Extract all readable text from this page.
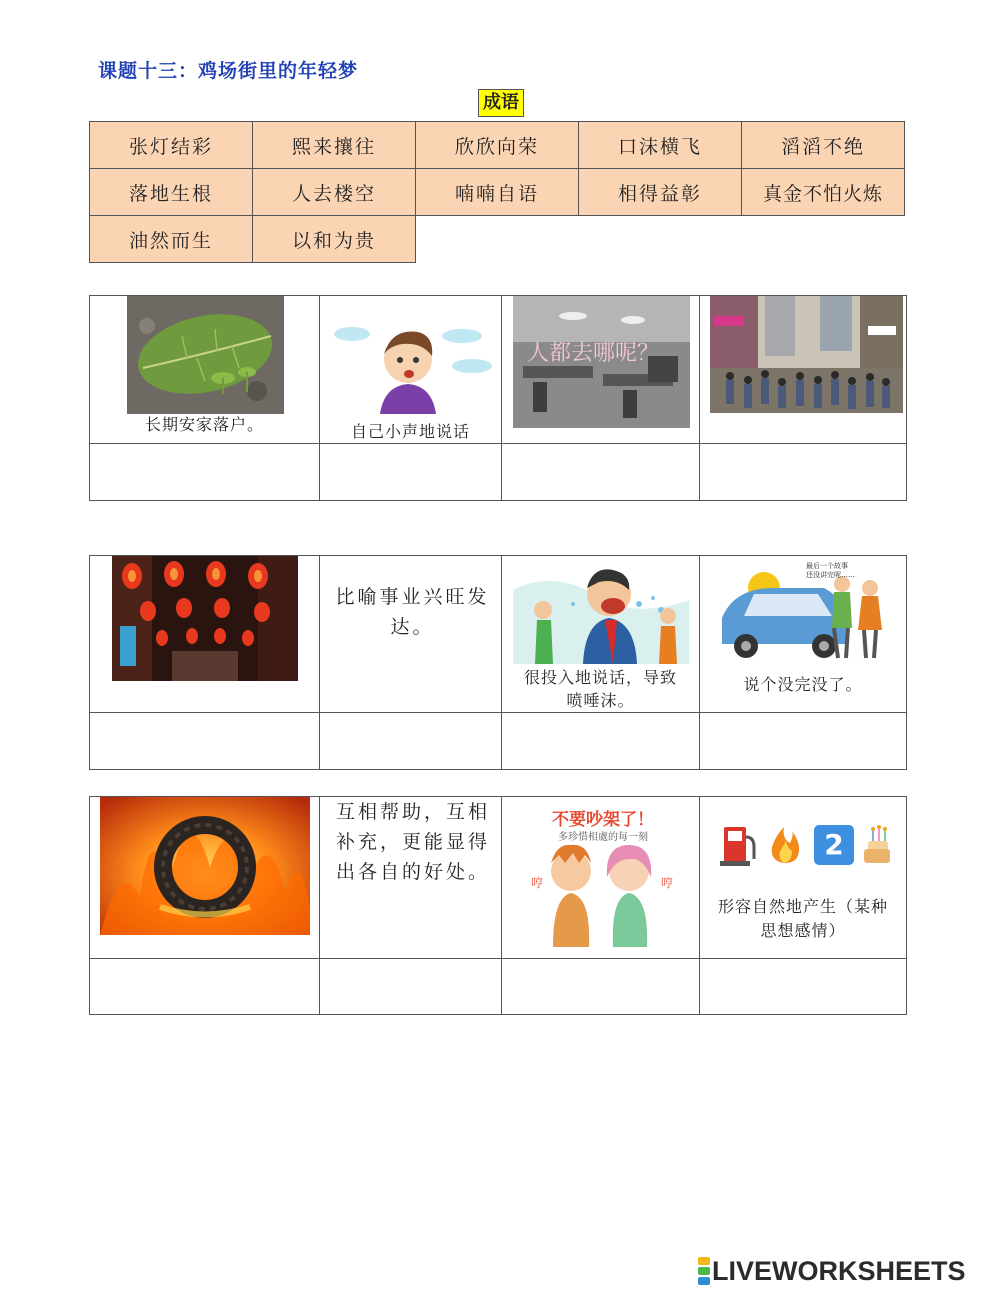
课题十三：鸡场街里的年轻梦
成语
张灯结彩	熙来攘往	欣欣向荣	口沫横飞	滔滔不绝
落地生根	人去楼空	喃喃自语	相得益彰	真金不怕火炼
油然而生	以和为贵			
长期安家落户。	自己小声地说话
人都去哪呢？
比喻事业兴旺发达。
很投入地说话，导致喷唾沫。
最后一个故事
还没讲完呢……
说个没完没了。
互相帮助，互相补充，更能显得出各自的好处。	哼	哼
不要吵架了！
多珍惜相處的每一刻	2
形容自然地产生（某种思想感情）
LIVEWORKSHEETS
